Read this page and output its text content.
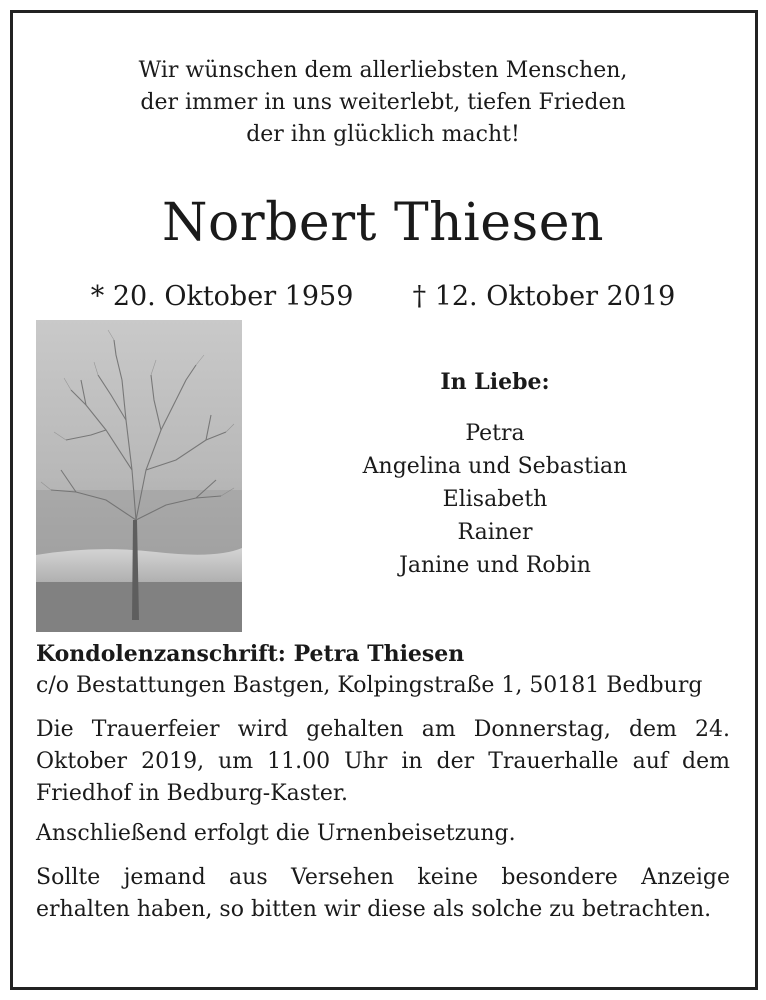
Wir wünschen dem allerliebsten Menschen,
der immer in uns weiterlebt, tiefen Frieden
der ihn glücklich macht!
Norbert Thiesen
* 20. Oktober 1959 † 12. Oktober 2019
In Liebe:
Petra
Angelina und Sebastian
Elisabeth
Rainer
Janine und Robin

Kondolenzanschrift: Petra Thiesen

c/o Bestattungen Bastgen, Kolpingstraße 1, 50181 Bedburg

Die Trauerfeier wird gehalten am Donnerstag, dem 24. Oktober 2019, um 11.00 Uhr in der Trauerhalle auf dem Friedhof in Bedburg-Kaster.

Anschließend erfolgt die Urnenbeisetzung.

Sollte jemand aus Versehen keine besondere Anzeige erhalten haben, so bitten wir diese als solche zu betrachten.
